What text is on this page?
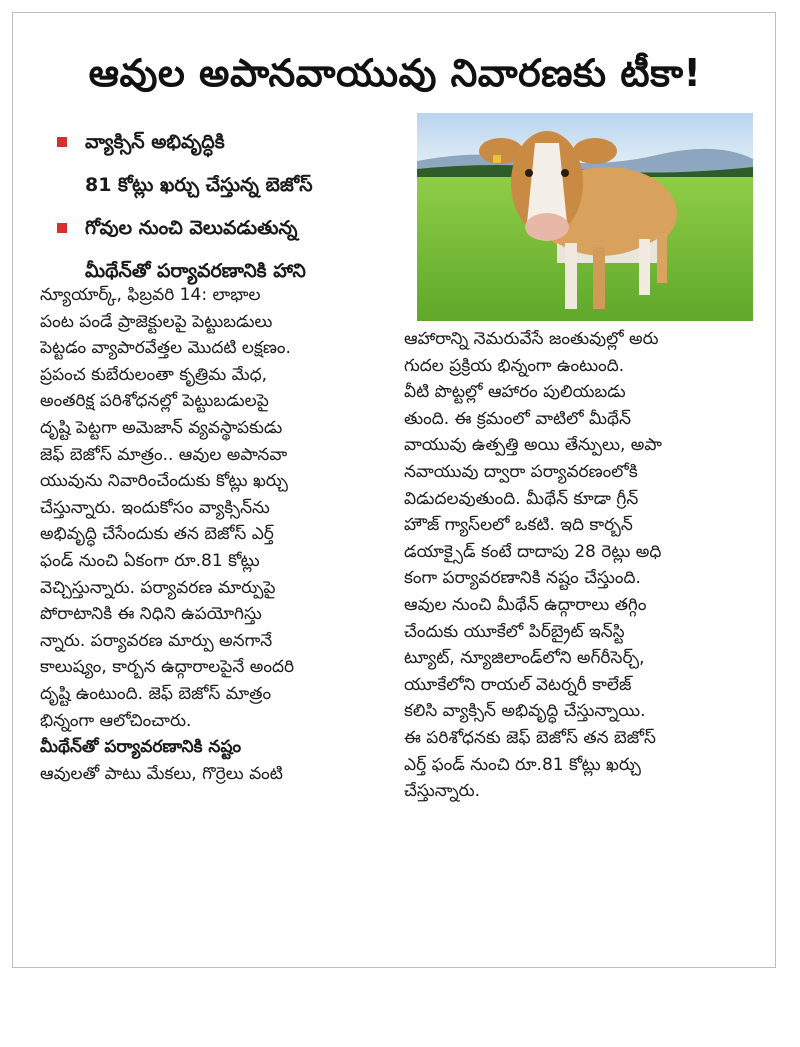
ఆవుల అపానవాయువు నివారణకు టీకా!
వ్యాక్సిన్ అభివృద్ధికి
81 కోట్లు ఖర్చు చేస్తున్న బెజోస్
గోవుల నుంచి వెలువడుతున్న
మీథేన్‌తో పర్యావరణానికి హాని
న్యూయార్క్, ఫిబ్రవరి 14: లాభాల
పంట పండే ప్రాజెక్టులపై పెట్టుబడులు
పెట్టడం వ్యాపారవేత్తల మొదటి లక్షణం.
ప్రపంచ కుబేరులంతా కృత్రిమ మేధ,
అంతరిక్ష పరిశోధనల్లో పెట్టుబడులపై
దృష్టి పెట్టగా అమెజాన్ వ్యవస్థాపకుడు
జెఫ్ బెజోస్ మాత్రం.. ఆవుల అపానవా
యువును నివారించేందుకు కోట్లు ఖర్చు
చేస్తున్నారు. ఇందుకోసం వ్యాక్సిన్‌ను
అభివృద్ధి చేసేందుకు తన బెజోస్ ఎర్త్
ఫండ్ నుంచి ఏకంగా రూ.81 కోట్లు
వెచ్చిస్తున్నారు. పర్యావరణ మార్పుపై
పోరాటానికి ఈ నిధిని ఉపయోగిస్తు
న్నారు. పర్యావరణ మార్పు అనగానే
కాలుష్యం, కార్బన ఉద్గారాలపైనే అందరి
దృష్టి ఉంటుంది. జెఫ్ బెజోస్ మాత్రం
భిన్నంగా ఆలోచించారు.
మీథేన్‌తో పర్యావరణానికి నష్టం
ఆవులతో పాటు మేకలు, గొర్రెలు వంటి
ఆహారాన్ని నెమరువేసే జంతువుల్లో అరు
గుదల ప్రక్రియ భిన్నంగా ఉంటుంది.
వీటి పొట్టల్లో ఆహారం పులియబడు
తుంది. ఈ క్రమంలో వాటిలో మీథేన్
వాయువు ఉత్పత్తి అయి తేన్పులు, అపా
నవాయువు ద్వారా పర్యావరణంలోకి
విడుదలవుతుంది. మీథేన్ కూడా గ్రీన్
హౌజ్ గ్యాస్‌లలో ఒకటి. ఇది కార్బన్
డయాక్సైడ్ కంటే దాదాపు 28 రెట్లు అధి
కంగా పర్యావరణానికి నష్టం చేస్తుంది.
ఆవుల నుంచి మీథేన్ ఉద్గారాలు తగ్గిం
చేందుకు యూకేలో పిర్‌బ్రైట్ ఇన్‌స్టి
ట్యూట్, న్యూజిలాండ్‌లోని అగ్‌రీసెర్చ్,
యూకేలోని రాయల్ వెటర్నరీ కాలేజ్
కలిసి వ్యాక్సిన్ అభివృద్ధి చేస్తున్నాయి.
ఈ పరిశోధనకు జెఫ్ బెజోస్ తన బెజోస్
ఎర్త్ ఫండ్ నుంచి రూ.81 కోట్లు ఖర్చు
చేస్తున్నారు.
